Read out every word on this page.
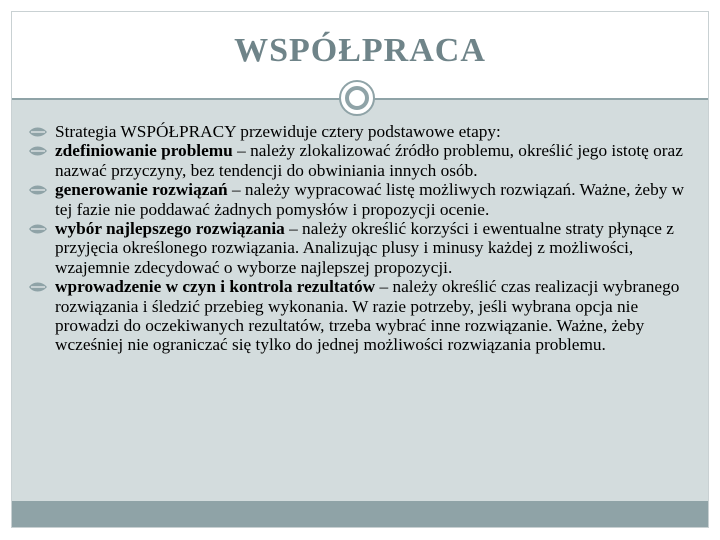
WSPÓŁPRACA

Strategia WSPÓŁPRACY przewiduje cztery podstawowe etapy:

zdefiniowanie problemu – należy zlokalizować źródło problemu, określić jego istotę oraz nazwać przyczyny, bez tendencji do obwiniania innych osób.

generowanie rozwiązań – należy wypracować listę możliwych rozwiązań. Ważne, żeby w tej fazie nie poddawać żadnych pomysłów i propozycji ocenie.

wybór najlepszego rozwiązania – należy określić korzyści i ewentualne straty płynące z przyjęcia określonego rozwiązania. Analizując plusy i minusy każdej z możliwości, wzajemnie zdecydować o wyborze najlepszej propozycji.

wprowadzenie w czyn i kontrola rezultatów – należy określić czas realizacji wybranego rozwiązania i śledzić przebieg wykonania. W razie potrzeby, jeśli wybrana opcja nie prowadzi do oczekiwanych rezultatów, trzeba wybrać inne rozwiązanie. Ważne, żeby wcześniej nie ograniczać się tylko do jednej możliwości rozwiązania problemu.
